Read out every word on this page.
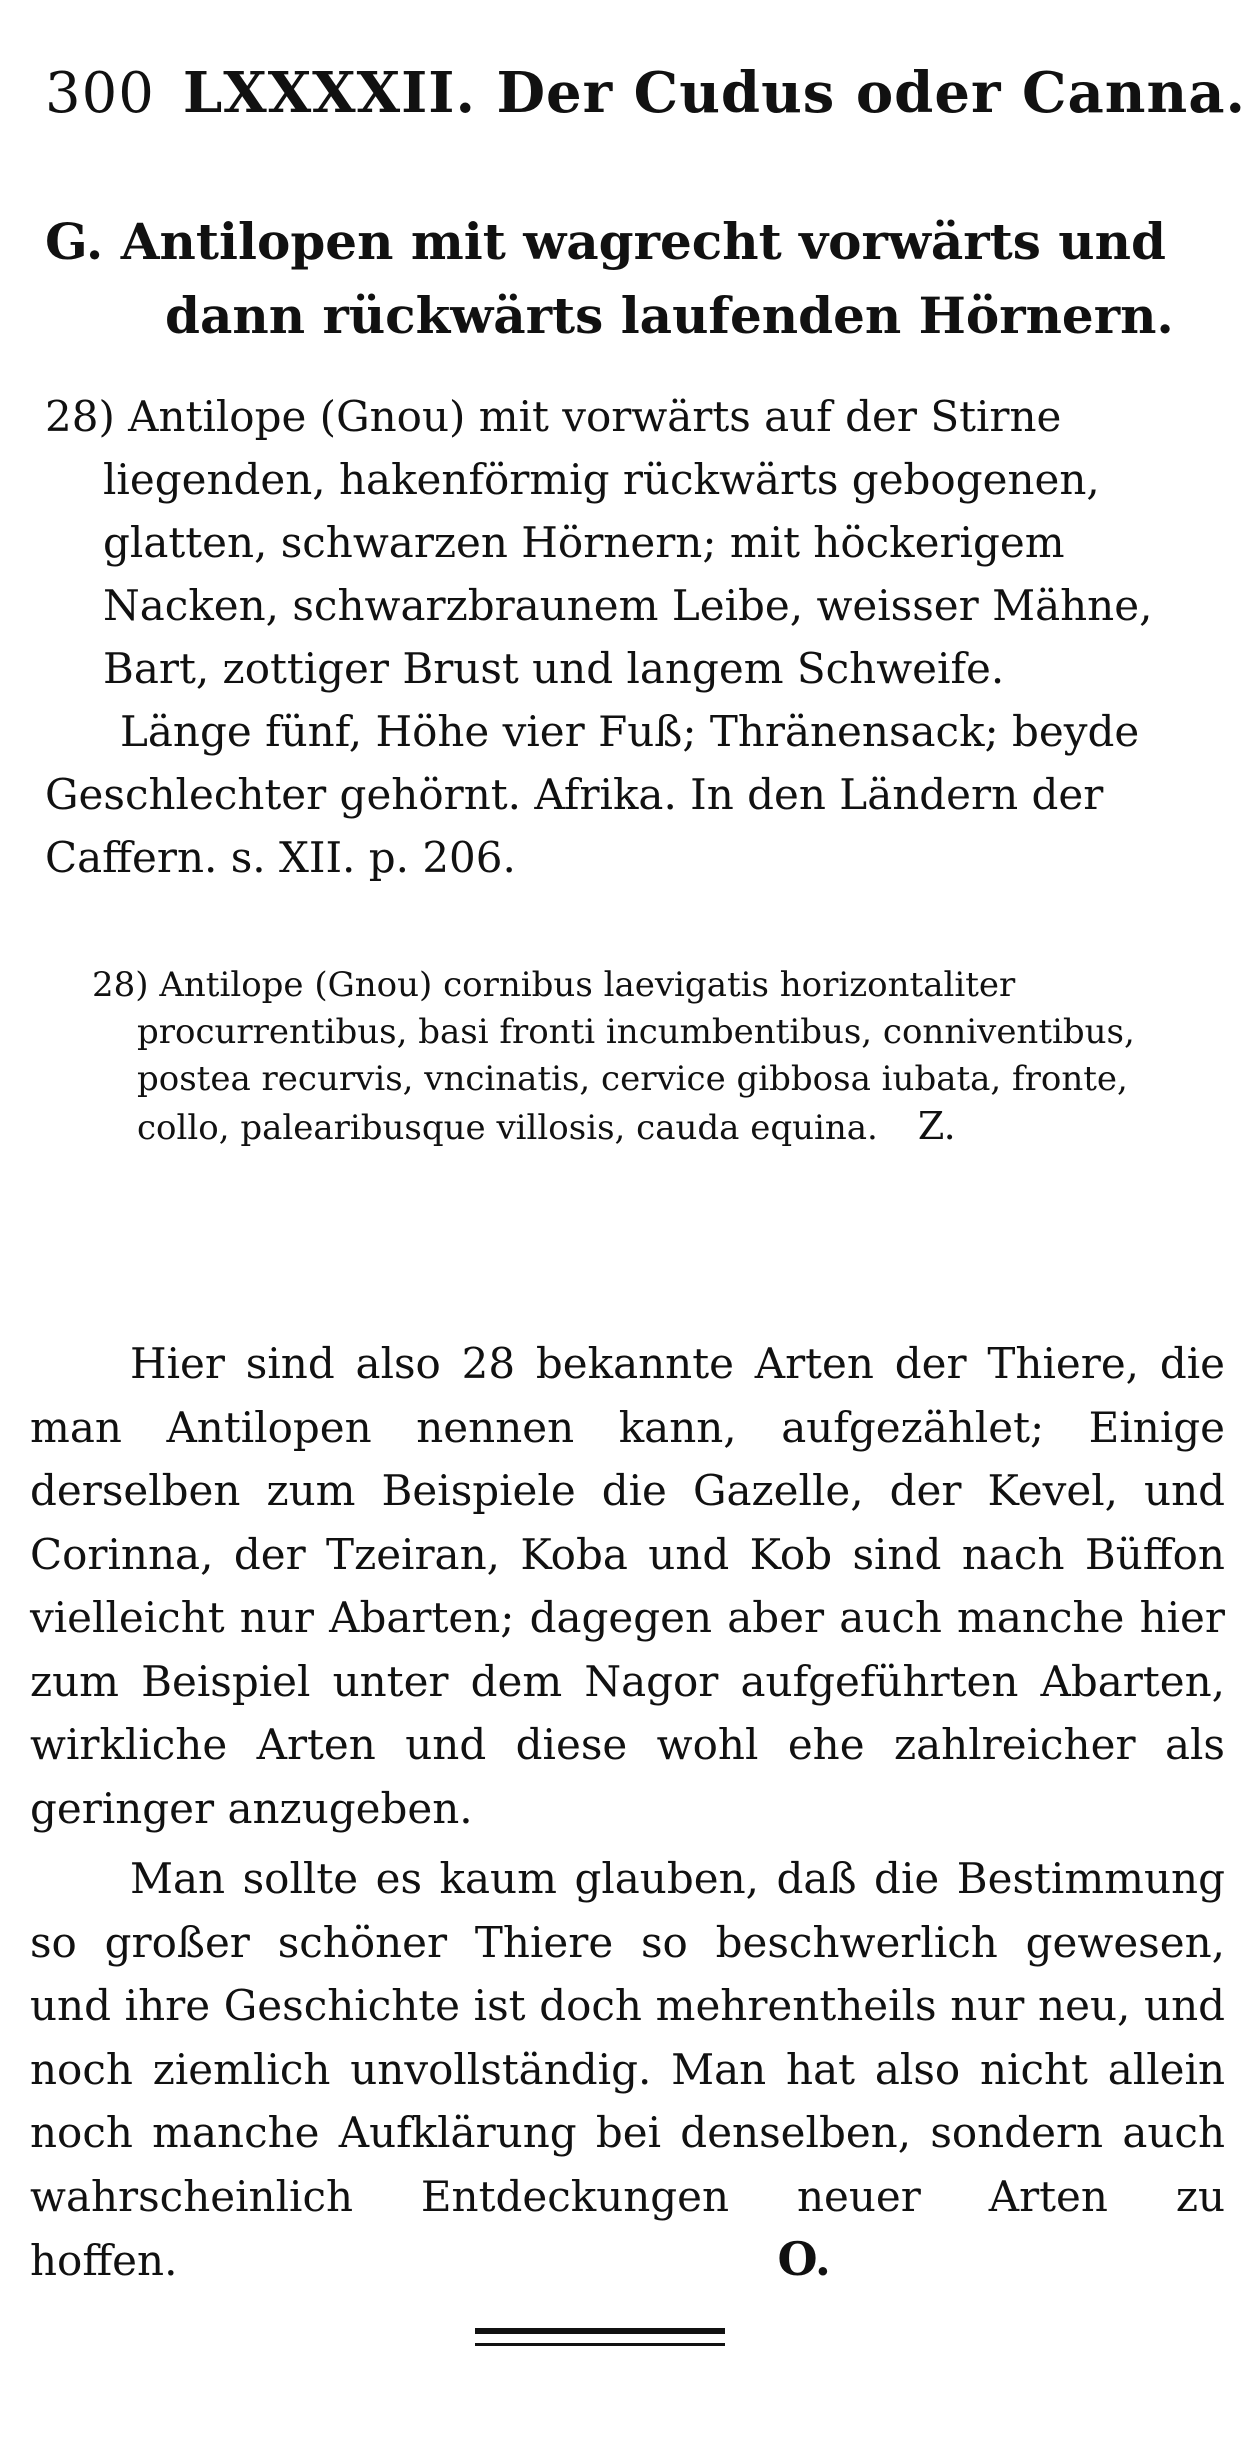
300 LXXXXII. Der Cudus oder Canna.
G. Antilopen mit wagrecht vorwärts und
dann rückwärts laufenden Hörnern.
28) Antilope (Gnou) mit vorwärts auf der Stirne liegenden, hakenförmig rückwärts gebogenen, glatten, schwarzen Hörnern; mit höckerigem Nacken, schwarzbraunem Leibe, weisser Mähne, Bart, zottiger Brust und langem Schweife.
Länge fünf, Höhe vier Fuß; Thränensack; beyde Geschlechter gehörnt. Afrika. In den Ländern der Caffern. s. XII. p. 206.
28) Antilope (Gnou) cornibus laevigatis horizontaliter procurrentibus, basi fronti incumbentibus, conniventibus, postea recurvis, vncinatis, cervice gibbosa iubata, fronte, collo, palearibusque villosis, cauda equina. Z.

Hier sind also 28 bekannte Arten der Thiere, die man Antilopen nennen kann, aufgezählet; Einige derselben zum Beispiele die Gazelle, der Kevel, und Corinna, der Tzeiran, Koba und Kob sind nach Büffon vielleicht nur Abarten; dagegen aber auch manche hier zum Beispiel unter dem Nagor aufgeführten Abarten, wirkliche Arten und diese wohl ehe zahlreicher als geringer anzugeben.

Man sollte es kaum glauben, daß die Bestimmung so großer schöner Thiere so beschwerlich gewesen, und ihre Geschichte ist doch mehrentheils nur neu, und noch ziemlich unvollständig. Man hat also nicht allein noch manche Aufklärung bei denselben, sondern auch wahrscheinlich Entdeckungen neuer Arten zu hoffen.	O.
